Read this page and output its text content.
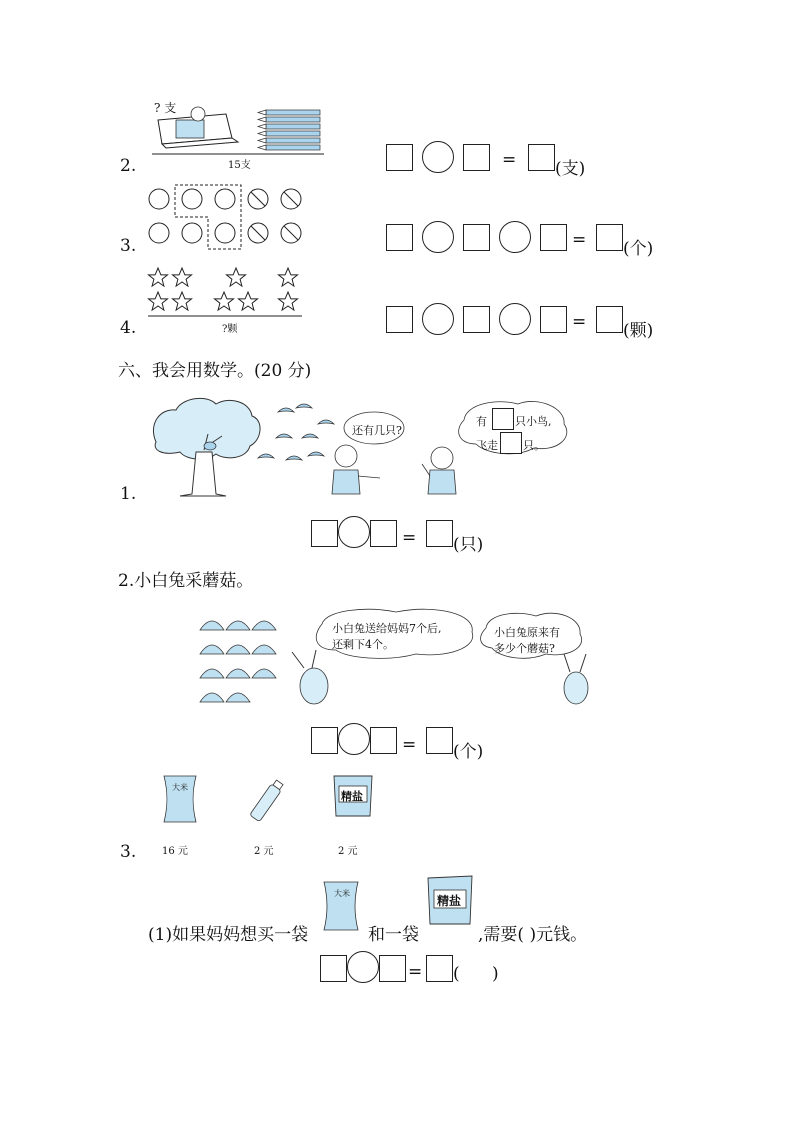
? 支
15支
2.	= (支)
3.	= (个)
?颗
4.	= (颗)
六、我会用数学。(20 分)
还有几只?
有	只小鸟,
飞走 只。
1.
= (只)
2.小白兔采蘑菇。
小白兔送给妈妈7个后,
还剩下4个。
小白兔原来有
多少个蘑菇?
= (个)
大米
精盐
16 元	2 元	2 元
3.
大米
精盐
(1)如果妈妈想买一袋	和一袋	,需要( )元钱。
= (      )
